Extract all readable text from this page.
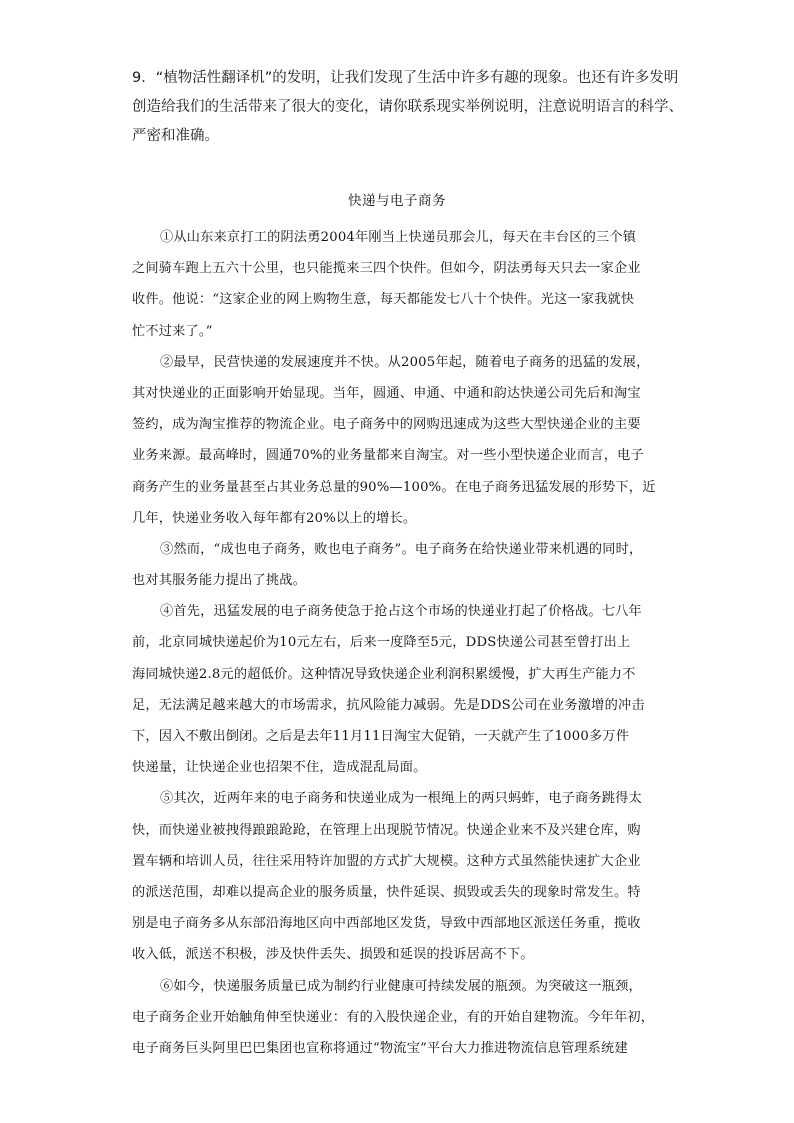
9．“植物活性翻译机”的发明，让我们发现了生活中许多有趣的现象。也还有许多发明

创造给我们的生活带来了很大的变化，请你联系现实举例说明，注意说明语言的科学、

严密和准确。

快递与电子商务
①从山东来京打工的阴法勇2004年刚当上快递员那会儿，每天在丰台区的三个镇
之间骑车跑上五六十公里，也只能揽来三四个快件。但如今，阴法勇每天只去一家企业
收件。他说：“这家企业的网上购物生意，每天都能发七八十个快件。光这一家我就快
忙不过来了。”
②最早，民营快递的发展速度并不快。从2005年起，随着电子商务的迅猛的发展，
其对快递业的正面影响开始显现。当年，圆通、申通、中通和韵达快递公司先后和淘宝
签约，成为淘宝推荐的物流企业。电子商务中的网购迅速成为这些大型快递企业的主要
业务来源。最高峰时，圆通70%的业务量都来自淘宝。对一些小型快递企业而言，电子
商务产生的业务量甚至占其业务总量的90%—100%。在电子商务迅猛发展的形势下，近
几年，快递业务收入每年都有20%以上的增长。
③然而，“成也电子商务，败也电子商务”。电子商务在给快递业带来机遇的同时，
也对其服务能力提出了挑战。
④首先，迅猛发展的电子商务使急于抢占这个市场的快递业打起了价格战。七八年
前，北京同城快递起价为10元左右，后来一度降至5元，DDS快递公司甚至曾打出上
海同城快递2.8元的超低价。这种情况导致快递企业利润积累缓慢，扩大再生产能力不
足，无法满足越来越大的市场需求，抗风险能力减弱。先是DDS公司在业务激增的冲击
下，因入不敷出倒闭。之后是去年11月11日淘宝大促销，一天就产生了1000多万件
快递量，让快递企业也招架不住，造成混乱局面。
⑤其次，近两年来的电子商务和快递业成为一根绳上的两只蚂蚱，电子商务跳得太
快，而快递业被拽得踉踉跄跄，在管理上出现脱节情况。快递企业来不及兴建仓库，购
置车辆和培训人员，往往采用特许加盟的方式扩大规模。这种方式虽然能快速扩大企业
的派送范围，却难以提高企业的服务质量，快件延误、损毁或丢失的现象时常发生。特
别是电子商务多从东部沿海地区向中西部地区发货，导致中西部地区派送任务重，揽收
收入低，派送不积极，涉及快件丢失、损毁和延误的投诉居高不下。
⑥如今，快递服务质量已成为制约行业健康可持续发展的瓶颈。为突破这一瓶颈，
电子商务企业开始触角伸至快递业：有的入股快递企业，有的开始自建物流。今年年初，
电子商务巨头阿里巴巴集团也宣称将通过“物流宝”平台大力推进物流信息管理系统建
